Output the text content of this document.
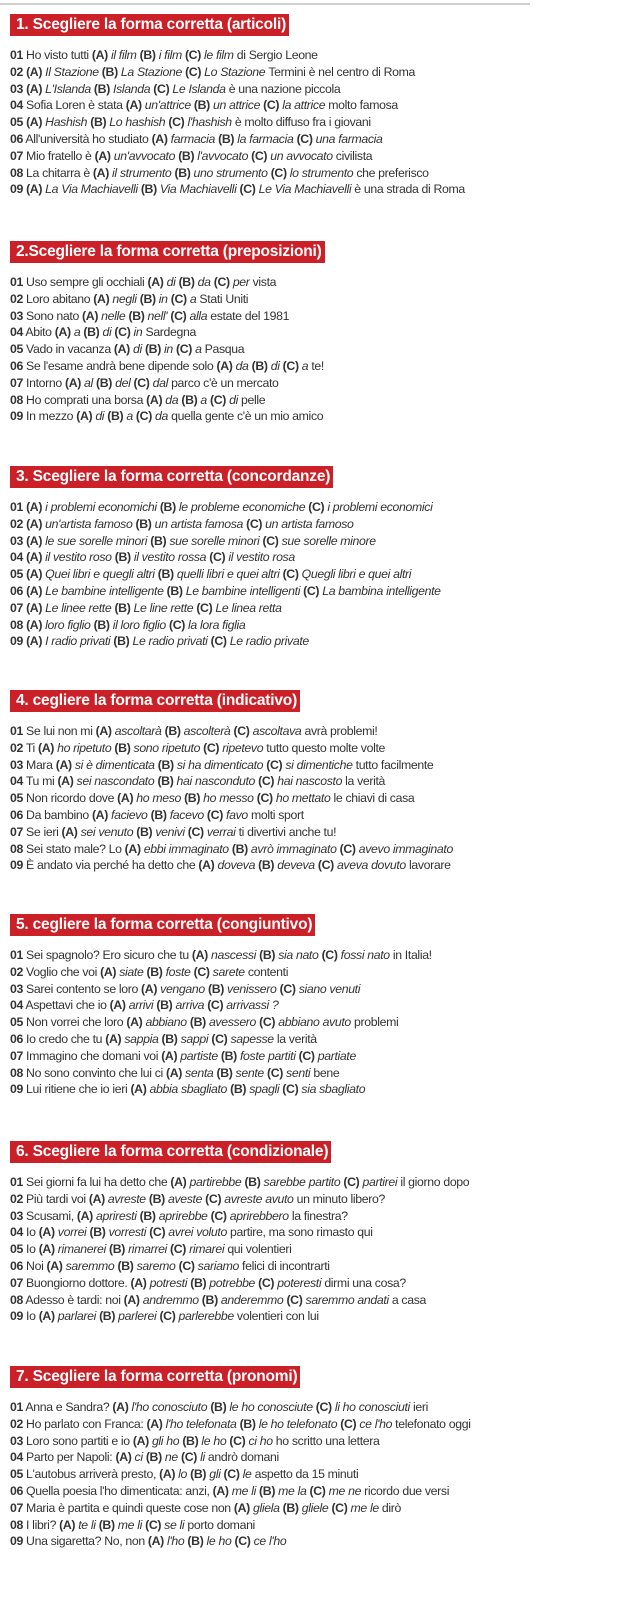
1. Scegliere la forma corretta (articoli)
01 Ho visto tutti (A) il film (B) i film (C) le film di Sergio Leone
02 (A) Il Stazione (B) La Stazione (C) Lo Stazione Termini è nel centro di Roma
03 (A) L'Islanda (B) Islanda (C) Le Islanda è una nazione piccola
04 Sofia Loren è stata (A) un'attrice (B) un attrice (C) la attrice molto famosa
05 (A) Hashish (B) Lo hashish (C) l'hashish è molto diffuso fra i giovani
06 All'università ho studiato (A) farmacia (B) la farmacia (C) una farmacia
07 Mio fratello è (A) un'avvocato (B) l'avvocato (C) un avvocato civilista
08 La chitarra è (A) il strumento (B) uno strumento (C) lo strumento che preferisco
09 (A) La Via Machiavelli (B) Via Machiavelli (C) Le Via Machiavelli è una strada di Roma
2.Scegliere la forma corretta (preposizioni)
01 Uso sempre gli occhiali (A) di (B) da (C) per vista
02 Loro abitano (A) negli (B) in (C) a Stati Uniti
03 Sono nato (A) nelle (B) nell' (C) alla estate del 1981
04 Abito (A) a (B) di (C) in Sardegna
05 Vado in vacanza (A) di (B) in (C) a Pasqua
06 Se l'esame andrà bene dipende solo (A) da (B) di (C) a te!
07 Intorno (A) al (B) del (C) dal parco c'è un mercato
08 Ho comprati una borsa (A) da (B) a (C) di pelle
09 In mezzo (A) di (B) a (C) da quella gente c'è un mio amico
3. Scegliere la forma corretta (concordanze)
01 (A) i problemi economichi (B) le probleme economiche (C) i problemi economici
02 (A) un'artista famoso (B) un artista famosa (C) un artista famoso
03 (A) le sue sorelle minori (B) sue sorelle minori (C) sue sorelle minore
04 (A) il vestito roso (B) il vestito rossa (C) il vestito rosa
05 (A) Quei libri e quegli altri (B) quelli libri e quei altri (C) Quegli libri e quei altri
06 (A) Le bambine intelligente (B) Le bambine intelligenti (C) La bambina intelligente
07 (A) Le linee rette (B) Le line rette (C) Le linea retta
08 (A) loro figlio (B) il loro figlio (C) la lora figlia
09 (A) I radio privati (B) Le radio privati (C) Le radio private
4. cegliere la forma corretta (indicativo)
01 Se lui non mi (A) ascoltarà (B) ascolterà (C) ascoltava avrà problemi!
02 Ti (A) ho ripetuto (B) sono ripetuto (C) ripetevo tutto questo molte volte
03 Mara (A) si è dimenticata (B) si ha dimenticato (C) si dimentiche tutto facilmente
04 Tu mi (A) sei nascondato (B) hai nasconduto (C) hai nascosto la verità
05 Non ricordo dove (A) ho meso (B) ho messo (C) ho mettato le chiavi di casa
06 Da bambino (A) facievo (B) facevo (C) favo molti sport
07 Se ieri (A) sei venuto (B) venivi (C) verrai ti divertivi anche tu!
08 Sei stato male? Lo (A) ebbi immaginato (B) avrò immaginato (C) avevo immaginato
09 È andato via perché ha detto che (A) doveva (B) deveva (C) aveva dovuto lavorare
5. cegliere la forma corretta (congiuntivo)
01 Sei spagnolo? Ero sicuro che tu (A) nascessi (B) sia nato (C) fossi nato in Italia!
02 Voglio che voi (A) siate (B) foste (C) sarete contenti
03 Sarei contento se loro (A) vengano (B) venissero (C) siano venuti
04 Aspettavi che io (A) arrivi (B) arriva (C) arrivassi ?
05 Non vorrei che loro (A) abbiano (B) avessero (C) abbiano avuto problemi
06 Io credo che tu (A) sappia (B) sappi (C) sapesse la verità
07 Immagino che domani voi (A) partiste (B) foste partiti (C) partiate
08 No sono convinto che lui ci (A) senta (B) sente (C) senti bene
09 Lui ritiene che io ieri (A) abbia sbagliato (B) spagli (C) sia sbagliato
6. Scegliere la forma corretta (condizionale)
01 Sei giorni fa lui ha detto che (A) partirebbe (B) sarebbe partito (C) partirei il giorno dopo
02 Più tardi voi (A) avreste (B) aveste (C) avreste avuto un minuto libero?
03 Scusami, (A) apriresti (B) aprirebbe (C) aprirebbero la finestra?
04 Io (A) vorrei (B) vorresti (C) avrei voluto partire, ma sono rimasto qui
05 Io (A) rimanerei (B) rimarrei (C) rimarei qui volentieri
06 Noi (A) saremmo (B) saremo (C) sariamo felici di incontrarti
07 Buongiorno dottore. (A) potresti (B) potrebbe (C) poteresti dirmi una cosa?
08 Adesso è tardi: noi (A) andremmo (B) anderemmo (C) saremmo andati a casa
09 Io (A) parlarei (B) parlerei (C) parlerebbe volentieri con lui
7. Scegliere la forma corretta (pronomi)
01 Anna e Sandra? (A) l'ho conosciuto (B) le ho conosciute (C) li ho conosciuti ieri
02 Ho parlato con Franca: (A) l'ho telefonata (B) le ho telefonato (C) ce l'ho telefonato oggi
03 Loro sono partiti e io (A) gli ho (B) le ho (C) ci ho ho scritto una lettera
04 Parto per Napoli: (A) ci (B) ne (C) li andrò domani
05 L'autobus arriverà presto, (A) lo (B) gli (C) le aspetto da 15 minuti
06 Quella poesia l'ho dimenticata: anzi, (A) me li (B) me la (C) me ne ricordo due versi
07 Maria è partita e quindi queste cose non (A) gliela (B) gliele (C) me le dirò
08 I libri? (A) te li (B) me li (C) se li porto domani
09 Una sigaretta? No, non (A) l'ho (B) le ho (C) ce l'ho
